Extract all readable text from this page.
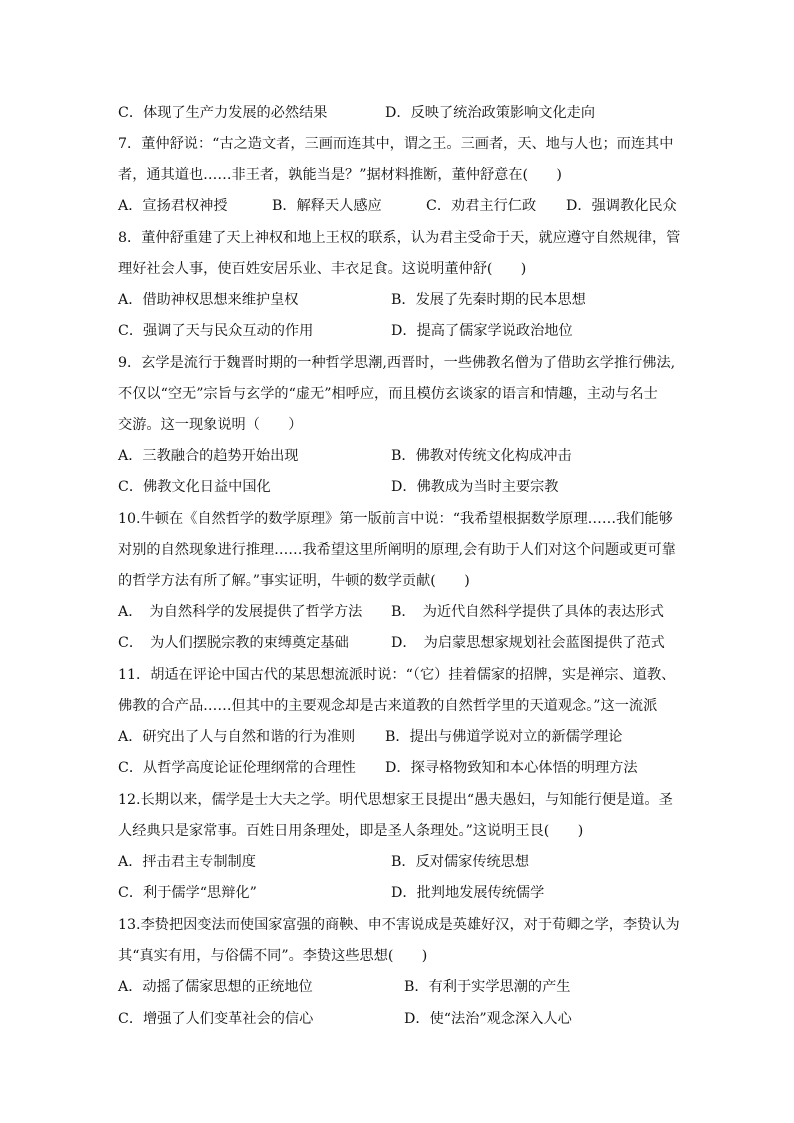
C．体现了生产力发展的必然结果	D．反映了统治政策影响文化走向
7．董仲舒说：“古之造文者，三画而连其中，谓之王。三画者，天、地与人也；而连其中
者，通其道也……非王者，孰能当是？”据材料推断，董仲舒意在(　　)
A．宣扬君权神授	B．解释天人感应	C．劝君主行仁政 D．强调教化民众
8．董仲舒重建了天上神权和地上王权的联系，认为君主受命于天，就应遵守自然规律，管
理好社会人事，使百姓安居乐业、丰衣足食。这说明董仲舒(　　)
A．借助神权思想来维护皇权	B．发展了先秦时期的民本思想
C．强调了天与民众互动的作用	D．提高了儒家学说政治地位
9．玄学是流行于魏晋时期的一种哲学思潮,西晋时，一些佛教名僧为了借助玄学推行佛法,
不仅以“空无”宗旨与玄学的“虚无”相呼应，而且模仿玄谈家的语言和情趣，主动与名士
交游。这一现象说明（　　）
A．三教融合的趋势开始出现	B．佛教对传统文化构成冲击
C．佛教文化日益中国化	D．佛教成为当时主要宗教
10.牛顿在《自然哲学的数学原理》第一版前言中说：“我希望根据数学原理……我们能够
对别的自然现象进行推理……我希望这里所阐明的原理,会有助于人们对这个问题或更可靠
的哲学方法有所了解。”事实证明，牛顿的数学贡献(　　)
A．　为自然科学的发展提供了哲学方法 B．　为近代自然科学提供了具体的表达形式
C．　为人们摆脱宗教的束缚奠定基础	D．　为启蒙思想家规划社会蓝图提供了范式
11．胡适在评论中国古代的某思想流派时说：“（它）挂着儒家的招牌，实是禅宗、道教、
佛教的合产品……但其中的主要观念却是古来道教的自然哲学里的天道观念。”这一流派
A．研究出了人与自然和谐的行为准则 B．提出与佛道学说对立的新儒学理论
C．从哲学高度论证伦理纲常的合理性 D．探寻格物致知和本心体悟的明理方法
12.长期以来，儒学是士大夫之学。明代思想家王艮提出“愚夫愚妇，与知能行便是道。圣
人经典只是家常事。百姓日用条理处，即是圣人条理处。”这说明王艮(　　)
A．抨击君主专制制度	B．反对儒家传统思想
C．利于儒学“思辩化”	D．批判地发展传统儒学
13.李贽把因变法而使国家富强的商鞅、申不害说成是英雄好汉，对于荀卿之学，李贽认为
其“真实有用，与俗儒不同”。李贽这些思想(　　)
A．动摇了儒家思想的正统地位	B．有利于实学思潮的产生
C．增强了人们变革社会的信心	D．使“法治”观念深入人心
